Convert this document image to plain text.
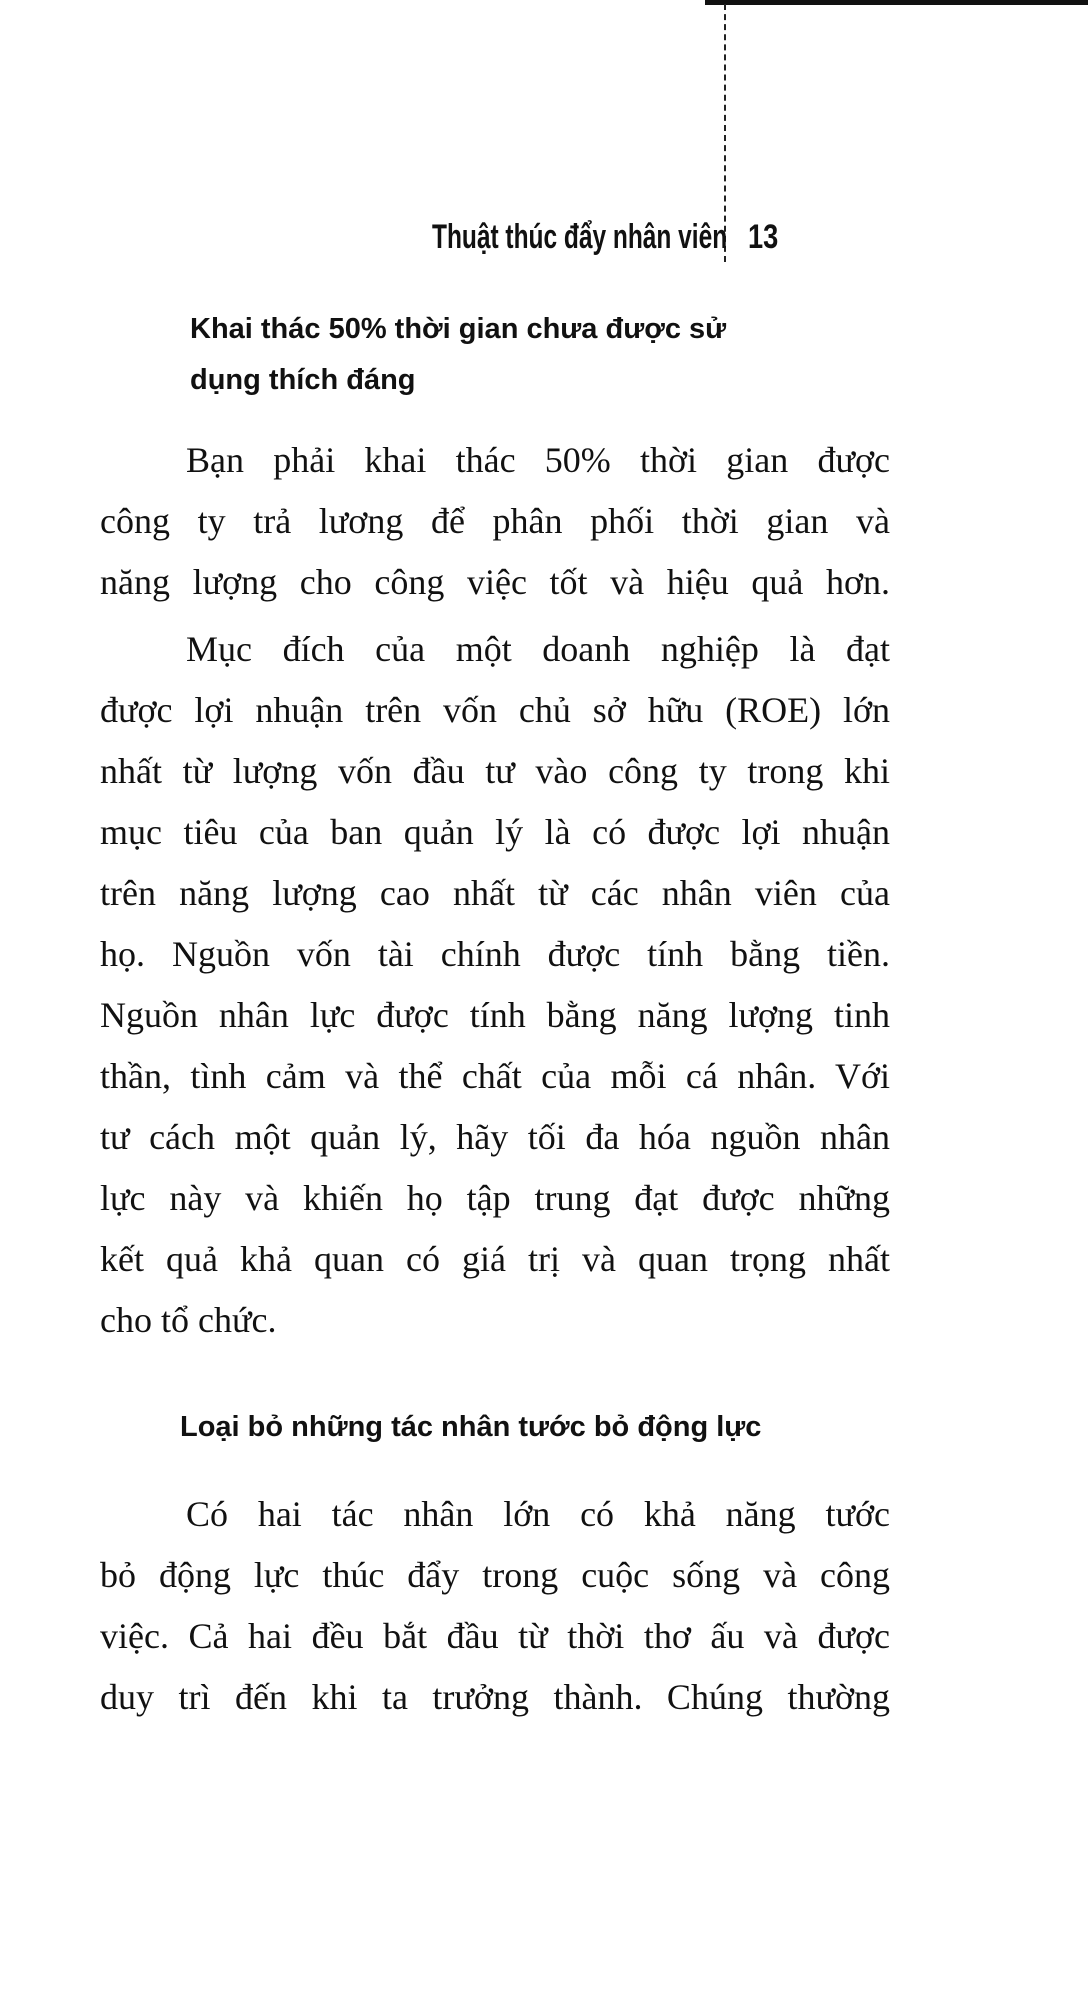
Thuật thúc đẩy nhân viên 13
Khai thác 50% thời gian chưa được sử
dụng thích đáng
Bạn phải khai thác 50% thời gian được
công ty trả lương để phân phối thời gian và
năng lượng cho công việc tốt và hiệu quả hơn.
Mục đích của một doanh nghiệp là đạt
được lợi nhuận trên vốn chủ sở hữu (ROE) lớn
nhất từ lượng vốn đầu tư vào công ty trong khi
mục tiêu của ban quản lý là có được lợi nhuận
trên năng lượng cao nhất từ các nhân viên của
họ. Nguồn vốn tài chính được tính bằng tiền.
Nguồn nhân lực được tính bằng năng lượng tinh
thần, tình cảm và thể chất của mỗi cá nhân. Với
tư cách một quản lý, hãy tối đa hóa nguồn nhân
lực này và khiến họ tập trung đạt được những
kết quả khả quan có giá trị và quan trọng nhất
cho tổ chức.
Loại bỏ những tác nhân tước bỏ động lực
Có hai tác nhân lớn có khả năng tước
bỏ động lực thúc đẩy trong cuộc sống và công
việc. Cả hai đều bắt đầu từ thời thơ ấu và được
duy trì đến khi ta trưởng thành. Chúng thường
